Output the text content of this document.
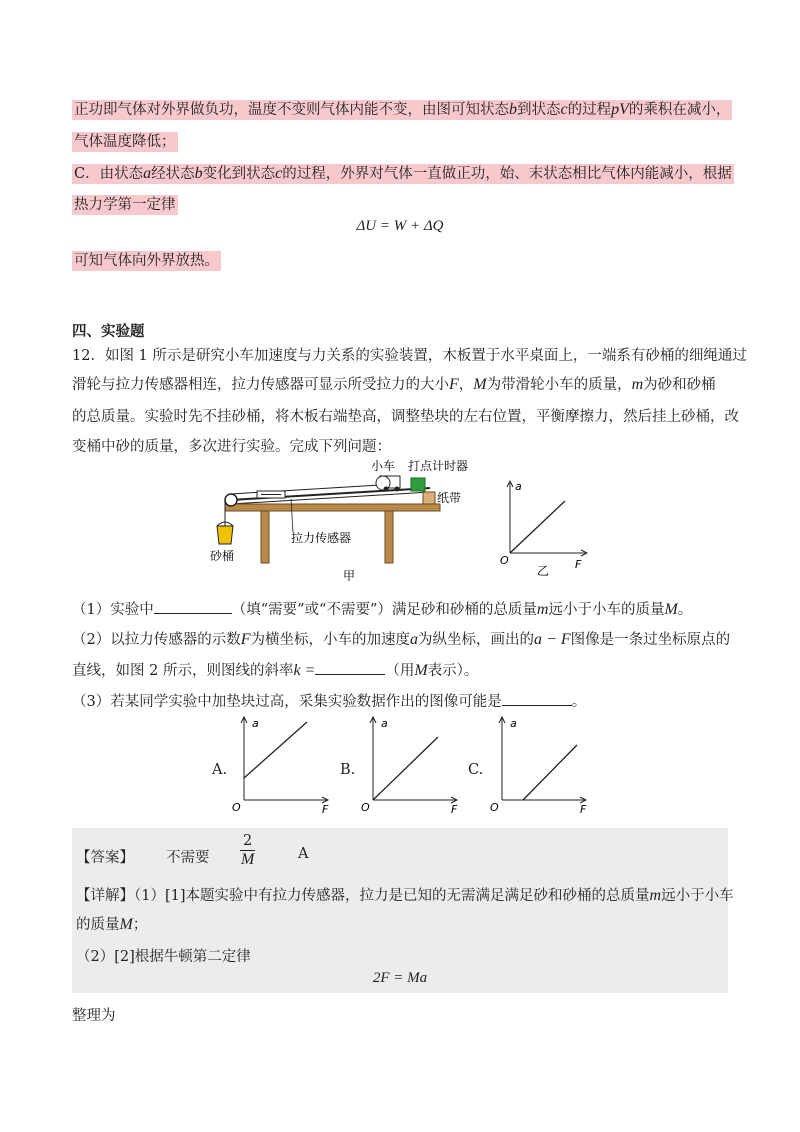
正功即气体对外界做负功，温度不变则气体内能不变，由图可知状态b到状态c的过程pV的乘积在减小，
气体温度降低；
C．由状态a经状态b变化到状态c的过程，外界对气体一直做正功，始、末状态相比气体内能减小，根据
热力学第一定律
ΔU = W + ΔQ
可知气体向外界放热。
四、实验题
12．如图 1 所示是研究小车加速度与力关系的实验装置，木板置于水平桌面上，一端系有砂桶的细绳通过
滑轮与拉力传感器相连，拉力传感器可显示所受拉力的大小F，M为带滑轮小车的质量，m为砂和砂桶
的总质量。实验时先不挂砂桶，将木板右端垫高，调整垫块的左右位置，平衡摩擦力，然后挂上砂桶，改
变桶中砂的质量，多次进行实验。完成下列问题：
小车 打点计时器
纸带
砂桶
拉力传感器
甲
a
F
O
乙
（1）实验中	（填“需要”或“不需要”）满足砂和砂桶的总质量m远小于小车的质量M。
（2）以拉力传感器的示数F为横坐标，小车的加速度a为纵坐标，画出的a − F图像是一条过坐标原点的
直线，如图 2 所示，则图线的斜率k =	（用M表示）。
（3）若某同学实验中加垫块过高，采集实验数据作出的图像可能是	。
A.
a
F
O
B.
a
F
O
C.
a
F
O
【答案】 不需要 $\frac{2}{M}$	A
【详解】（1）[1]本题实验中有拉力传感器，拉力是已知的无需满足满足砂和砂桶的总质量m远小于小车
的质量M；
（2）[2]根据牛顿第二定律
2F = Ma
整理为
